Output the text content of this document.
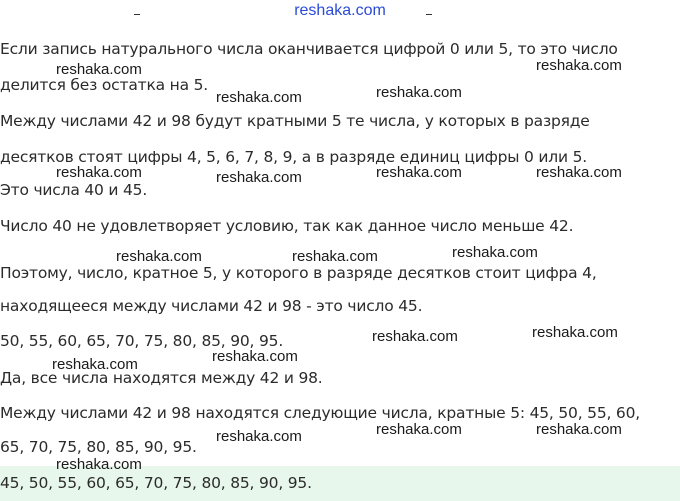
reshaka.com
Если запись натурального числа оканчивается цифрой 0 или 5, то это число
делится без остатка на 5.
Между числами 42 и 98 будут кратными 5 те числа, у которых в разряде
десятков стоят цифры 4, 5, 6, 7, 8, 9, а в разряде единиц цифры 0 или 5.
Это числа 40 и 45.
Число 40 не удовлетворяет условию, так как данное число меньше 42.
Поэтому, число, кратное 5, у которого в разряде десятков стоит цифра 4,
находящееся между числами 42 и 98 - это число 45.
50, 55, 60, 65, 70, 75, 80, 85, 90, 95.
Да, все числа находятся между 42 и 98.
Между числами 42 и 98 находятся следующие числа, кратные 5: 45, 50, 55, 60,
65, 70, 75, 80, 85, 90, 95.
45, 50, 55, 60, 65, 70, 75, 80, 85, 90, 95.
reshaka.com	reshaka.com
reshaka.com	reshaka.com
reshaka.com	reshaka.com	reshaka.com	reshaka.com
reshaka.com	reshaka.com	reshaka.com
reshaka.com	reshaka.com
reshaka.com	reshaka.com
reshaka.com	reshaka.com	reshaka.com
reshaka.com
